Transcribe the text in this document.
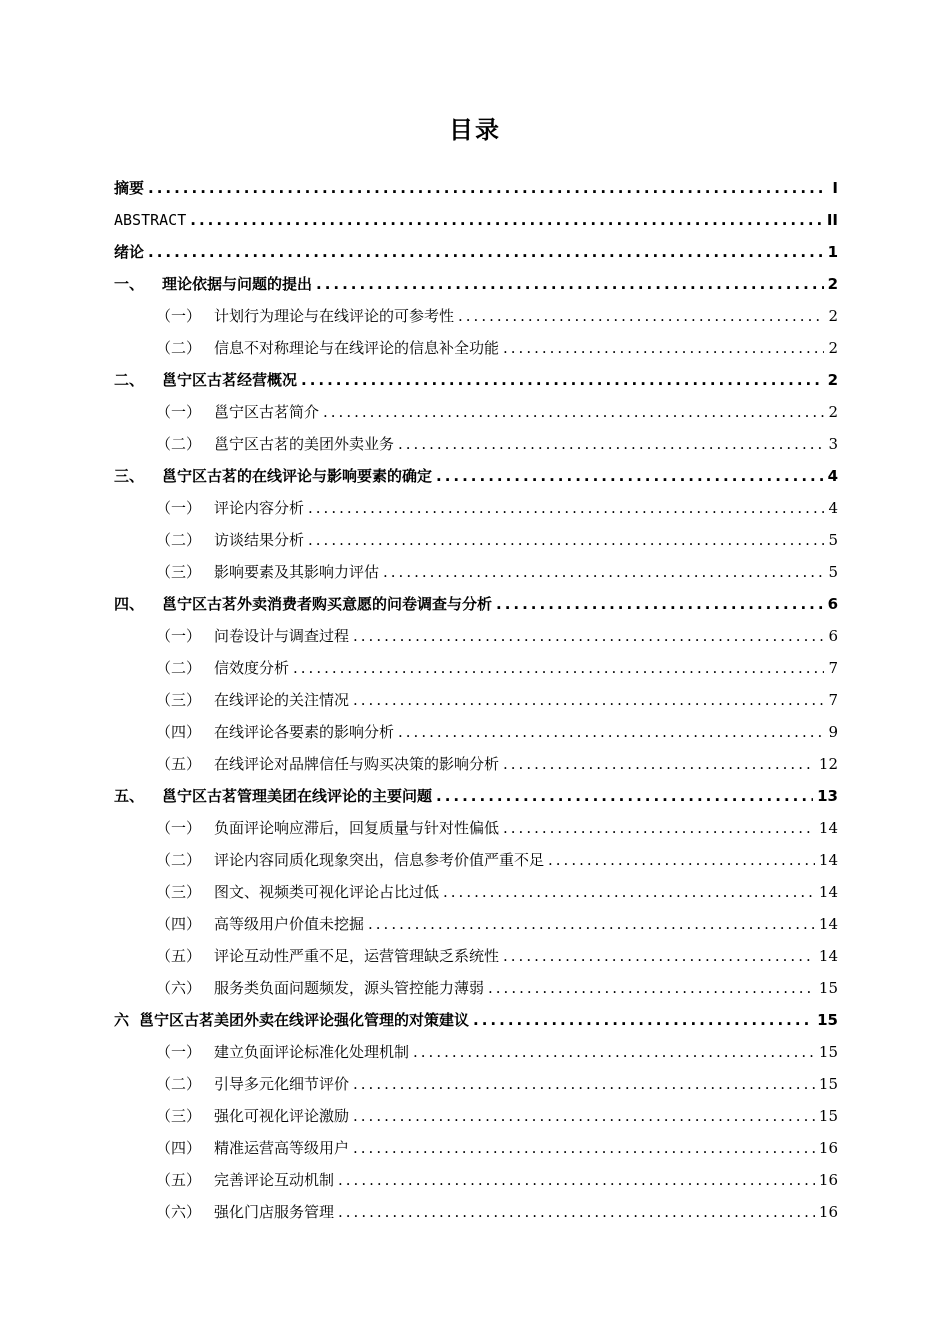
目录
摘要 .....	I
ABSTRACT .....	II
绪论 .....	1
一、	理论依据与问题的提出 .....	2
（一） 计划行为理论与在线评论的可参考性 .....	2
（二） 信息不对称理论与在线评论的信息补全功能 .....	2
二、	邕宁区古茗经营概况 .....	2
（一） 邕宁区古茗简介 .....	2
（二） 邕宁区古茗的美团外卖业务 .....	3
三、	邕宁区古茗的在线评论与影响要素的确定 .....	4
（一） 评论内容分析 .....	4
（二） 访谈结果分析 .....	5
（三） 影响要素及其影响力评估 .....	5
四、	邕宁区古茗外卖消费者购买意愿的问卷调查与分析 .....	6
（一） 问卷设计与调查过程 .....	6
（二） 信效度分析 .....	7
（三） 在线评论的关注情况 .....	7
（四） 在线评论各要素的影响分析 .....	9
（五） 在线评论对品牌信任与购买决策的影响分析 .....	12
五、	邕宁区古茗管理美团在线评论的主要问题 .....	13
（一） 负面评论响应滞后，回复质量与针对性偏低 .....	14
（二） 评论内容同质化现象突出，信息参考价值严重不足 .....	14
（三） 图文、视频类可视化评论占比过低 .....	14
（四） 高等级用户价值未挖掘 .....	14
（五） 评论互动性严重不足，运营管理缺乏系统性 .....	14
（六） 服务类负面问题频发，源头管控能力薄弱 .....	15
六 邕宁区古茗美团外卖在线评论强化管理的对策建议 .....	15
（一） 建立负面评论标准化处理机制 .....	15
（二） 引导多元化细节评价 .....	15
（三） 强化可视化评论激励 .....	15
（四） 精准运营高等级用户 .....	16
（五） 完善评论互动机制 .....	16
（六） 强化门店服务管理 .....	16
